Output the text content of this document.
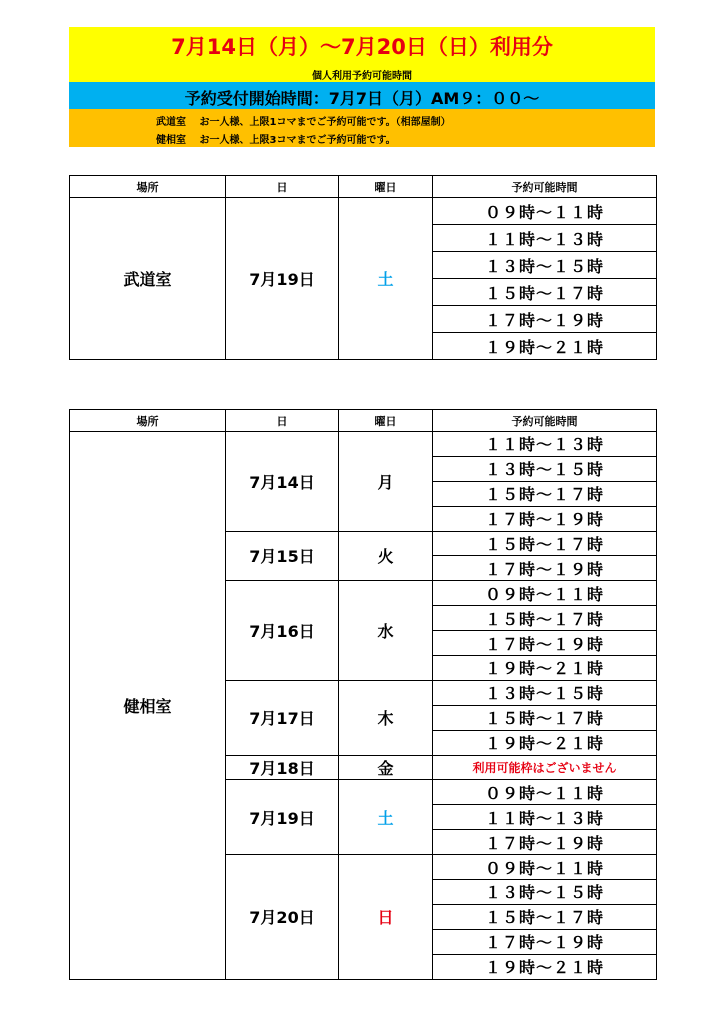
7月14日（月）～7月20日（日）利用分
個人利用予約可能時間
予約受付開始時間：7月7日（月）AM９：００～
武道室　 お一人様、上限1コマまでご予約可能です。（相部屋制）
健相室　 お一人様、上限3コマまでご予約可能です。
場所	日	曜日	予約可能時間
武道室	7月19日	土	０９時～１１時
			１１時～１３時
			１３時～１５時
			１５時～１７時
			１７時～１９時
			１９時～２１時
場所	日	曜日	予約可能時間
健相室	7月14日	月	１１時～１３時
			１３時～１５時
			１５時～１７時
			１７時～１９時
	7月15日	火	１５時～１７時
			１７時～１９時
	7月16日	水	０９時～１１時
			１５時～１７時
			１７時～１９時
			１９時～２１時
	7月17日	木	１３時～１５時
			１５時～１７時
			１９時～２１時
	7月18日	金	利用可能枠はございません
	7月19日	土	０９時～１１時
			１１時～１３時
			１７時～１９時
	7月20日	日	０９時～１１時
			１３時～１５時
			１５時～１７時
			１７時～１９時
			１９時～２１時
